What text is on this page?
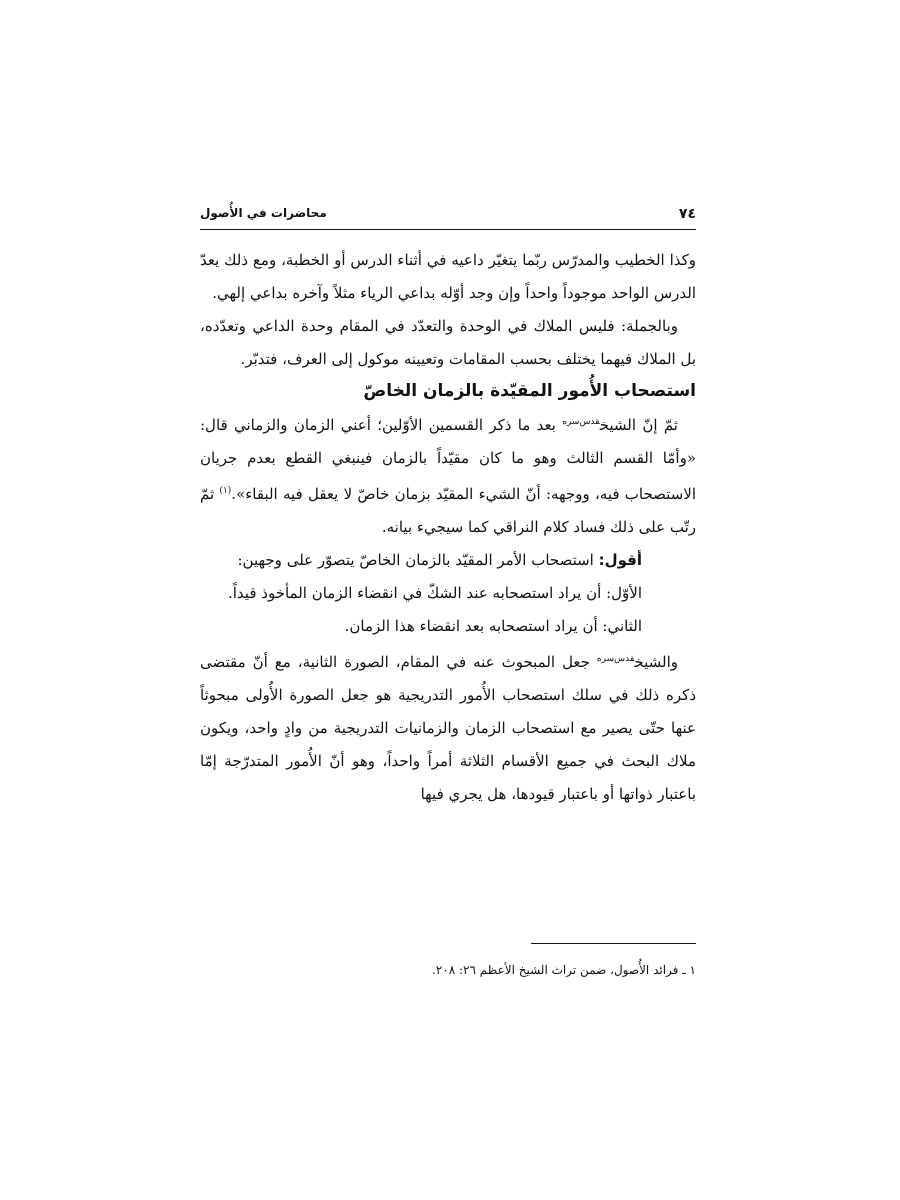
٧٤
محاضرات في الأُصول

وكذا الخطيب والمدرّس ربّما يتغيّر داعيه في أثناء الدرس أو الخطبة، ومع ذلك يعدّ الدرس الواحد موجوداً واحداً وإن وجد أوّله بداعي الرياء مثلاً وآخره بداعي إلهي.

وبالجملة: فليس الملاك في الوحدة والتعدّد في المقام وحدة الداعي وتعدّده، بل الملاك فيهما يختلف بحسب المقامات وتعيينه موكول إلى العرف، فتدبّر.

استصحاب الأُمور المقيّدة بالزمان الخاصّ

ثمّ إنّ الشيخ$^{قدس‌سره}$ بعد ما ذكر القسمين الأوّلين؛ أعني الزمان والزماني قال: «وأمّا القسم الثالث وهو ما كان مقيّداً بالزمان فينبغي القطع بعدم جريان الاستصحاب فيه، ووجهه: أنّ الشيء المقيّد بزمان خاصّ لا يعقل فيه البقاء».$^{(١)}$ ثمّ رتّب على ذلك فساد كلام النراقي كما سيجيء بيانه.

أقول: استصحاب الأمر المقيّد بالزمان الخاصّ يتصوّر على وجهين:

الأوّل: أن يراد استصحابه عند الشكّ في انقضاء الزمان المأخوذ قيداً.

الثاني: أن يراد استصحابه بعد انقضاء هذا الزمان.

والشيخ$^{قدس‌سره}$ جعل المبحوث عنه في المقام، الصورة الثانية، مع أنّ مقتضى ذكره ذلك في سلك استصحاب الأُمور التدريجية هو جعل الصورة الأُولى مبحوثاً عنها حتّى يصير مع استصحاب الزمان والزمانيات التدريجية من وادٍ واحد، ويكون ملاك البحث في جميع الأقسام الثلاثة أمراً واحداً، وهو أنّ الأُمور المتدرّجة إمّا باعتبار ذواتها أو باعتبار قيودها، هل يجري فيها

١ ـ فرائد الأُصول، ضمن تراث الشيخ الأعظم ٢٦: ٢٠٨.
